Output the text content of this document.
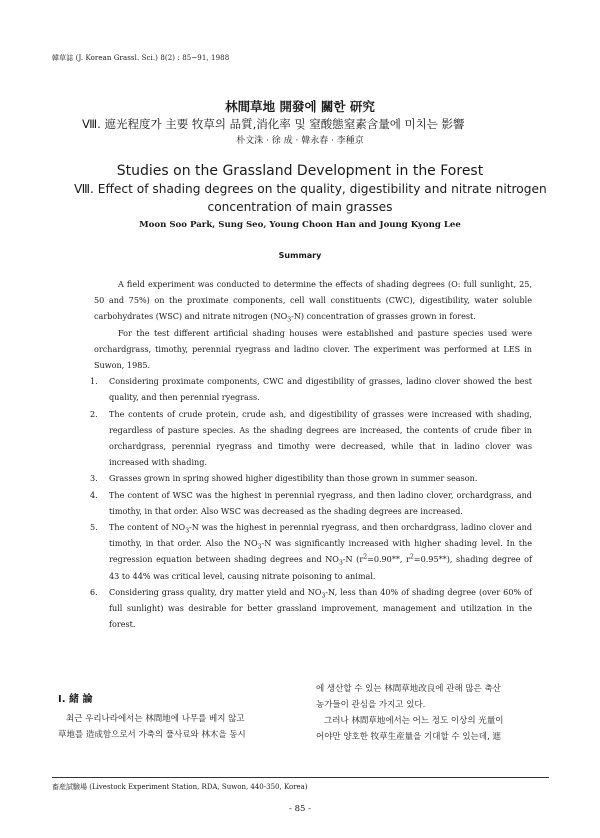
韓草誌 (J. Korean Grassl. Sci.) 8(2) : 85~91, 1988
林間草地 開發에 關한 研究
Ⅷ. 遮光程度가 主要 牧草의 品質,消化率 및 窒酸態窒素含量에 미치는 影響
朴文洙 · 徐 成 · 韓永春 · 李種京
Studies on the Grassland Development in the Forest
Ⅷ. Effect of shading degrees on the quality, digestibility and nitrate nitrogen
concentration of main grasses
Moon Soo Park, Sung Seo, Young Choon Han and Joung Kyong Lee
Summary

A field experiment was conducted to determine the effects of shading degrees (O: full sunlight, 25, 50 and 75%) on the proximate components, cell wall constituents (CWC), digestibility, water soluble carbohydrates (WSC) and nitrate nitrogen $(NO_3-N)$ concentration of grasses grown in forest.

For the test different artificial shading houses were established and pasture species used were orchardgrass, timothy, perennial ryegrass and ladino clover. The experiment was performed at LES in Suwon, 1985.

1. Considering proximate components, CWC and digestibility of grasses, ladino clover showed the best quality, and then perennial ryegrass.
2. The contents of crude protein, crude ash, and digestibility of grasses were increased with shading, regardless of pasture species. As the shading degrees are increased, the contents of crude fiber in orchardgrass, perennial ryegrass and timothy were decreased, while that in ladino clover was increased with shading.
3. Grasses grown in spring showed higher digestibility than those grown in summer season.
4. The content of WSC was the highest in perennial ryegrass, and then ladino clover, orchardgrass, and timothy, in that order. Also WSC was decreased as the shading degrees are increased.
5. The content of $NO_3-N$ was the highest in perennial ryegrass, and then orchardgrass, ladino clover and timothy, in that order. Also the $NO_3-N$ was significantly increased with higher shading level. In the regression equation between shading degrees and $NO_3-N$ ($r^2=0.90**$, $r^2=0.95**$), shading degree of 43 to 44% was critical level, causing nitrate poisoning to animal.
6. Considering grass quality, dry matter yield and $NO_3-N$, less than 40% of shading degree (over 60% of full sunlight) was desirable for better grassland improvement, management and utilization in the forest.
Ⅰ. 緒 論
최근 우리나라에서는 林間地에 나무를 베지 않고
草地를 造成함으로서 가축의 풀사료와 林木을 동시
에 생산할 수 있는 林間草地改良에 관해 많은 축산
농가들이 관심을 가지고 있다.
그러나 林間草地에서는 어느 정도 이상의 光量이
어야만 양호한 牧草生産量을 기대할 수 있는데, 遮
畜産試驗場 (Livestock Experiment Station, RDA, Suwon, 440-350, Korea)
- 85 -
